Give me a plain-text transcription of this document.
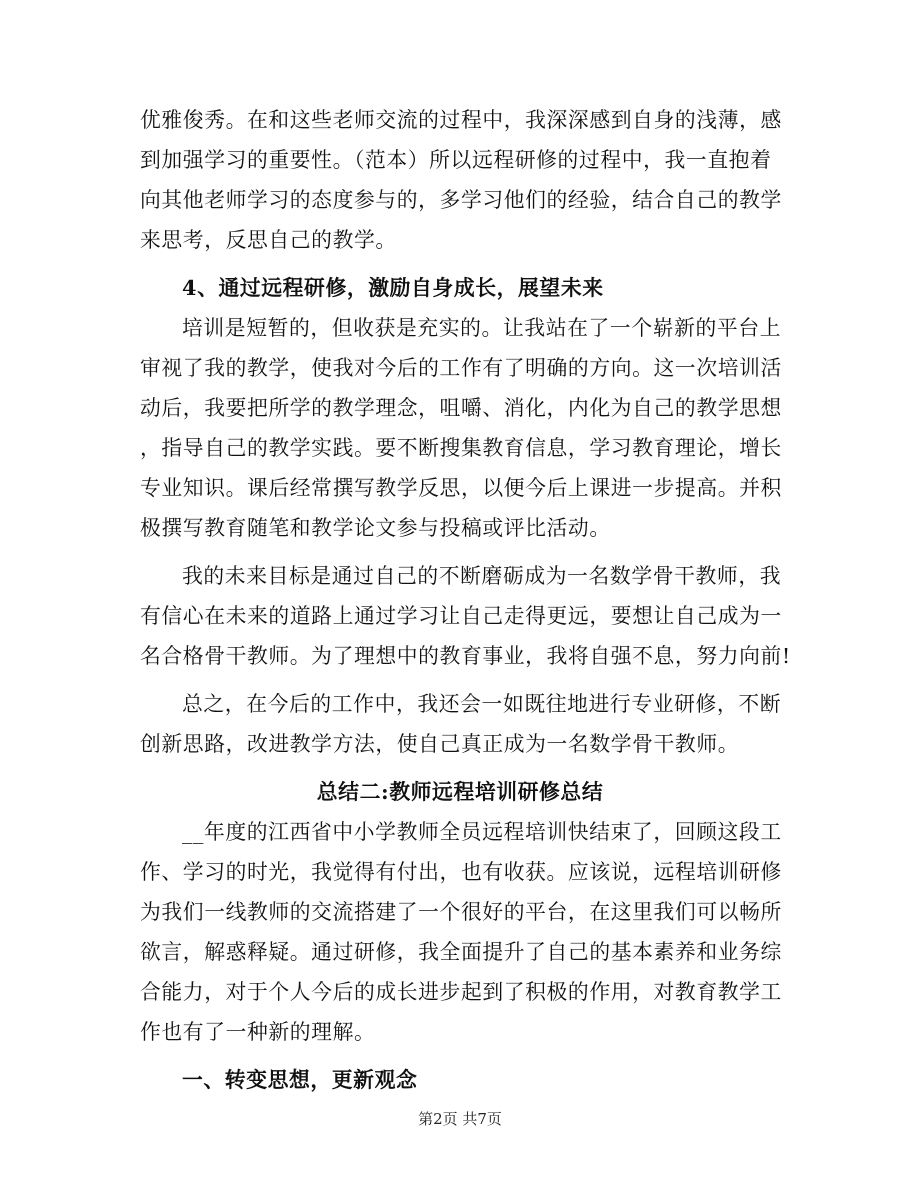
优雅俊秀。在和这些老师交流的过程中，我深深感到自身的浅薄，感
到加强学习的重要性。（范本）所以远程研修的过程中，我一直抱着
向其他老师学习的态度参与的，多学习他们的经验，结合自己的教学
来思考，反思自己的教学。
4、通过远程研修，激励自身成长，展望未来
培训是短暂的，但收获是充实的。让我站在了一个崭新的平台上
审视了我的教学，使我对今后的工作有了明确的方向。这一次培训活
动后，我要把所学的教学理念，咀嚼、消化，内化为自己的教学思想
，指导自己的教学实践。要不断搜集教育信息，学习教育理论，增长
专业知识。课后经常撰写教学反思，以便今后上课进一步提高。并积
极撰写教育随笔和教学论文参与投稿或评比活动。
我的未来目标是通过自己的不断磨砺成为一名数学骨干教师，我
有信心在未来的道路上通过学习让自己走得更远，要想让自己成为一
名合格骨干教师。为了理想中的教育事业，我将自强不息，努力向前!
总之，在今后的工作中，我还会一如既往地进行专业研修，不断
创新思路，改进教学方法，使自己真正成为一名数学骨干教师。
总结二:教师远程培训研修总结
__年度的江西省中小学教师全员远程培训快结束了，回顾这段工
作、学习的时光，我觉得有付出，也有收获。应该说，远程培训研修
为我们一线教师的交流搭建了一个很好的平台，在这里我们可以畅所
欲言，解惑释疑。通过研修，我全面提升了自己的基本素养和业务综
合能力，对于个人今后的成长进步起到了积极的作用，对教育教学工
作也有了一种新的理解。
一、转变思想，更新观念
第2页 共7页
